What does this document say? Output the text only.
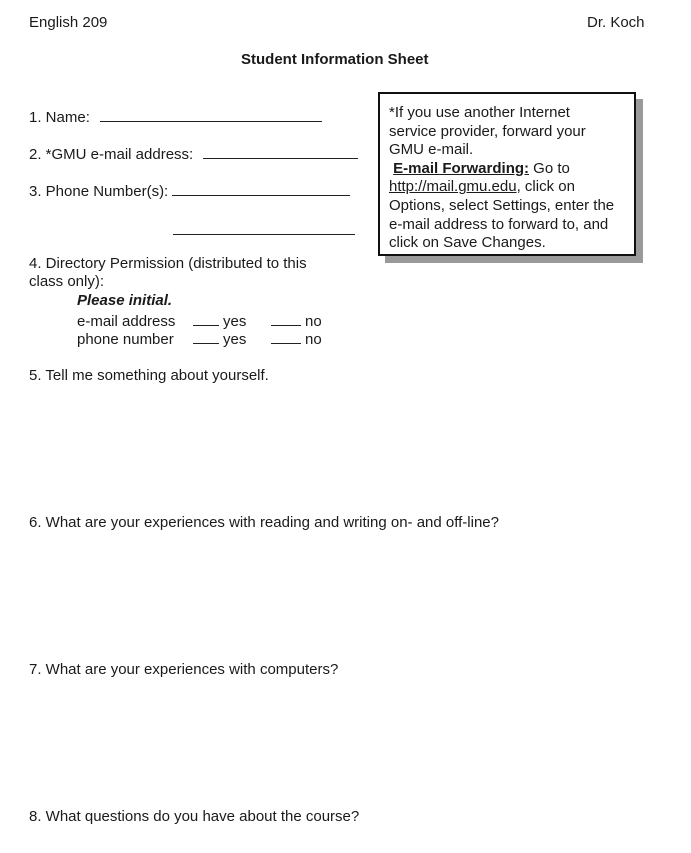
English 209	Dr. Koch
Student Information Sheet
1. Name:
2. *GMU e-mail address:
3. Phone Number(s):
4. Directory Permission (distributed to this
class only):
Please initial.
e-mail address	yes	no
phone number	yes	no
5. Tell me something about yourself.
6. What are your experiences with reading and writing on- and off-line?
7. What are your experiences with computers?
8. What questions do you have about the course?

*If you use another Internet

service provider, forward your

GMU e-mail.

E-mail Forwarding: Go to

http://mail.gmu.edu, click on

Options, select Settings, enter the

e-mail address to forward to, and

click on Save Changes.
